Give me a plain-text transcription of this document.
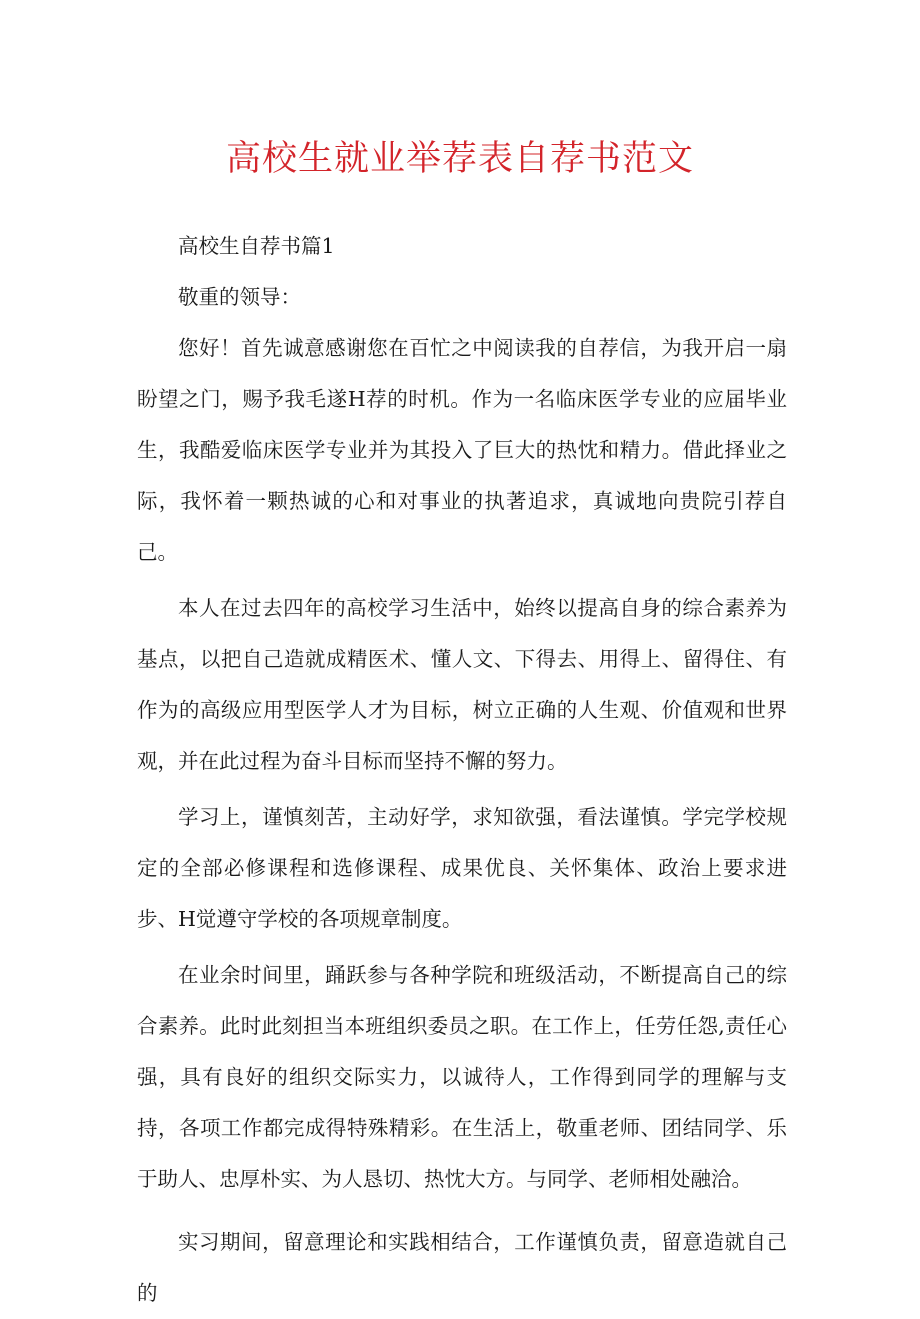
高校生就业举荐表自荐书范文

高校生自荐书篇1

敬重的领导：

您好！首先诚意感谢您在百忙之中阅读我的自荐信，为我开启一扇盼望之门，赐予我毛遂H荐的时机。作为一名临床医学专业的应届毕业生，我酷爱临床医学专业并为其投入了巨大的热忱和精力。借此择业之际，我怀着一颗热诚的心和对事业的执著追求，真诚地向贵院引荐自己。

本人在过去四年的高校学习生活中，始终以提高自身的综合素养为基点，以把自己造就成精医术、懂人文、下得去、用得上、留得住、有作为的高级应用型医学人才为目标，树立正确的人生观、价值观和世界观，并在此过程为奋斗目标而坚持不懈的努力。

学习上，谨慎刻苦，主动好学，求知欲强，看法谨慎。学完学校规定的全部必修课程和选修课程、成果优良、关怀集体、政治上要求进步、H觉遵守学校的各项规章制度。

在业余时间里，踊跃参与各种学院和班级活动，不断提高自己的综合素养。此时此刻担当本班组织委员之职。在工作上，任劳任怨,责任心强，具有良好的组织交际实力，以诚待人，工作得到同学的理解与支持，各项工作都完成得特殊精彩。在生活上，敬重老师、团结同学、乐于助人、忠厚朴实、为人恳切、热忱大方。与同学、老师相处融洽。

实习期间，留意理论和实践相结合，工作谨慎负责，留意造就自己的
